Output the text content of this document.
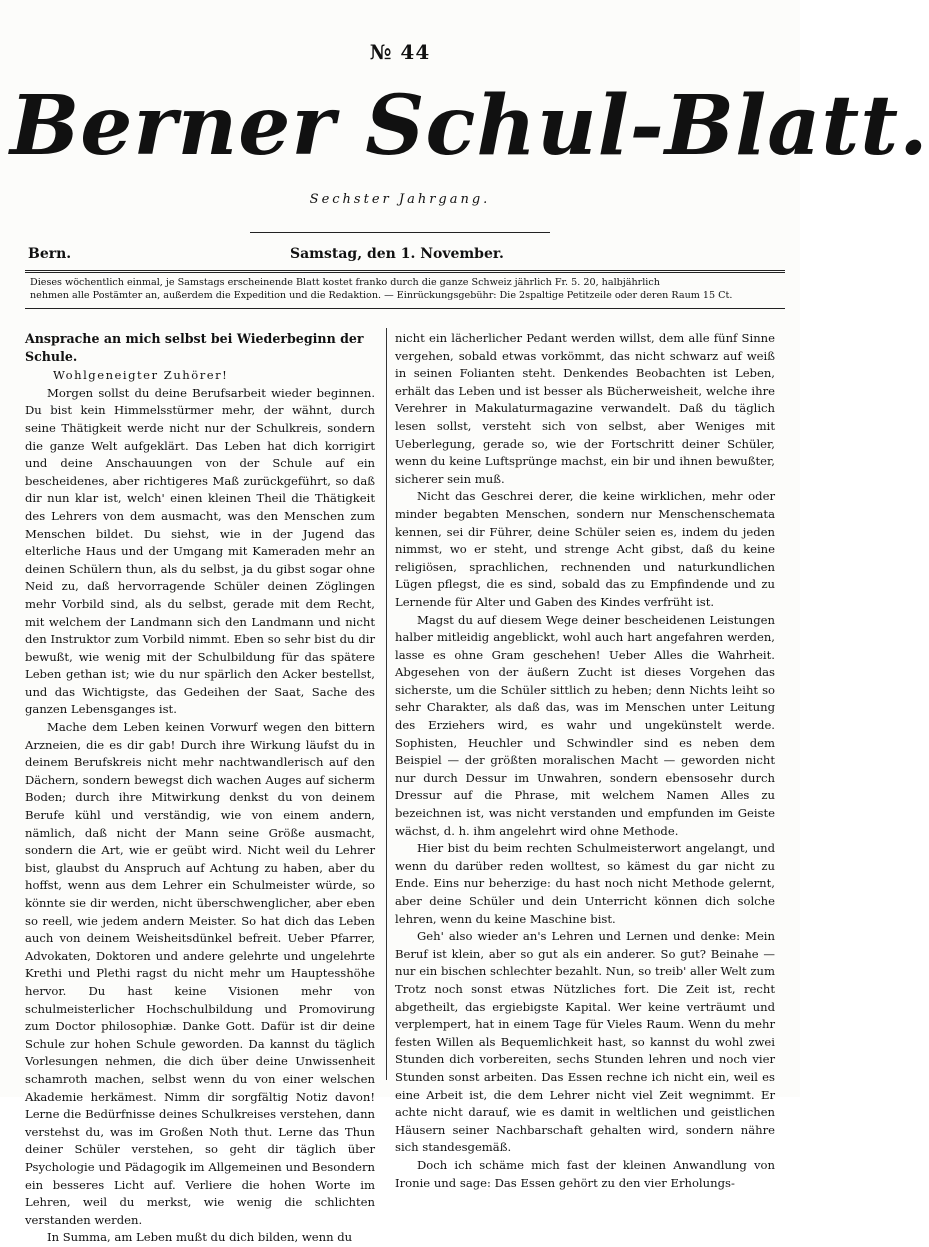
№ 44
Berner Schul-Blatt.
Sechster Jahrgang.
Bern.	Samstag, den 1. November.
Dieses wöchentlich einmal, je Samstags erscheinende Blatt kostet franko durch die ganze Schweiz jährlich Fr. 5. 20, halbjährlich
nehmen alle Postämter an, außerdem die Expedition und die Redaktion. — Einrückungsgebühr: Die 2spaltige Petitzeile oder deren Raum 15 Ct.

Ansprache an mich selbst bei Wiederbeginn der Schule.

Wohlgeneigter Zuhörer!

Morgen sollst du deine Berufsarbeit wieder beginnen. Du bist kein Himmelsstürmer mehr, der wähnt, durch seine Thätigkeit werde nicht nur der Schulkreis, sondern die ganze Welt aufgeklärt. Das Leben hat dich korrigirt und deine Anschauungen von der Schule auf ein bescheidenes, aber richtigeres Maß zurückgeführt, so daß dir nun klar ist, welch' einen kleinen Theil die Thätigkeit des Lehrers von dem ausmacht, was den Menschen zum Menschen bildet. Du siehst, wie in der Jugend das elterliche Haus und der Umgang mit Kameraden mehr an deinen Schülern thun, als du selbst, ja du gibst sogar ohne Neid zu, daß hervorragende Schüler deinen Zöglingen mehr Vorbild sind, als du selbst, gerade mit dem Recht, mit welchem der Landmann sich den Landmann und nicht den Instruktor zum Vorbild nimmt. Eben so sehr bist du dir bewußt, wie wenig mit der Schulbildung für das spätere Leben gethan ist; wie du nur spärlich den Acker bestellst, und das Wichtigste, das Gedeihen der Saat, Sache des ganzen Lebensganges ist.

Mache dem Leben keinen Vorwurf wegen den bittern Arzneien, die es dir gab! Durch ihre Wirkung läufst du in deinem Berufskreis nicht mehr nachtwandlerisch auf den Dächern, sondern bewegst dich wachen Auges auf sicherm Boden; durch ihre Mitwirkung denkst du von deinem Berufe kühl und verständig, wie von einem andern, nämlich, daß nicht der Mann seine Größe ausmacht, sondern die Art, wie er geübt wird. Nicht weil du Lehrer bist, glaubst du Anspruch auf Achtung zu haben, aber du hoffst, wenn aus dem Lehrer ein Schulmeister würde, so könnte sie dir werden, nicht überschwenglicher, aber eben so reell, wie jedem andern Meister. So hat dich das Leben auch von deinem Weisheitsdünkel befreit. Ueber Pfarrer, Advokaten, Doktoren und andere gelehrte und ungelehrte Krethi und Plethi ragst du nicht mehr um Hauptesshöhe hervor. Du hast keine Visionen mehr von schulmeisterlicher Hochschulbildung und Promovirung zum Doctor philosophiæ. Danke Gott. Dafür ist dir deine Schule zur hohen Schule geworden. Da kannst du täglich Vorlesungen nehmen, die dich über deine Unwissenheit schamroth machen, selbst wenn du von einer welschen Akademie herkämest. Nimm dir sorgfältig Notiz davon! Lerne die Bedürfnisse deines Schulkreises verstehen, dann verstehst du, was im Großen Noth thut. Lerne das Thun deiner Schüler verstehen, so geht dir täglich über Psychologie und Pädagogik im Allgemeinen und Besondern ein besseres Licht auf. Verliere die hohen Worte im Lehren, weil du merkst, wie wenig die schlichten verstanden werden.

In Summa, am Leben mußt du dich bilden, wenn du

nicht ein lächerlicher Pedant werden willst, dem alle fünf Sinne vergehen, sobald etwas vorkömmt, das nicht schwarz auf weiß in seinen Folianten steht. Denkendes Beobachten ist Leben, erhält das Leben und ist besser als Bücherweisheit, welche ihre Verehrer in Makulaturmagazine verwandelt. Daß du täglich lesen sollst, versteht sich von selbst, aber Weniges mit Ueberlegung, gerade so, wie der Fortschritt deiner Schüler, wenn du keine Luftsprünge machst, ein bir und ihnen bewußter, sicherer sein muß.

Nicht das Geschrei derer, die keine wirklichen, mehr oder minder begabten Menschen, sondern nur Menschenschemata kennen, sei dir Führer, deine Schüler seien es, indem du jeden nimmst, wo er steht, und strenge Acht gibst, daß du keine religiösen, sprachlichen, rechnenden und naturkundlichen Lügen pflegst, die es sind, sobald das zu Empfindende und zu Lernende für Alter und Gaben des Kindes verfrüht ist.

Magst du auf diesem Wege deiner bescheidenen Leistungen halber mitleidig angeblickt, wohl auch hart angefahren werden, lasse es ohne Gram geschehen! Ueber Alles die Wahrheit. Abgesehen von der äußern Zucht ist dieses Vorgehen das sicherste, um die Schüler sittlich zu heben; denn Nichts leiht so sehr Charakter, als daß das, was im Menschen unter Leitung des Erziehers wird, es wahr und ungekünstelt werde. Sophisten, Heuchler und Schwindler sind es neben dem Beispiel — der größten moralischen Macht — geworden nicht nur durch Dessur im Unwahren, sondern ebensosehr durch Dressur auf die Phrase, mit welchem Namen Alles zu bezeichnen ist, was nicht verstanden und empfunden im Geiste wächst, d. h. ihm angelehrt wird ohne Methode.

Hier bist du beim rechten Schulmeisterwort angelangt, und wenn du darüber reden wolltest, so kämest du gar nicht zu Ende. Eins nur beherzige: du hast noch nicht Methode gelernt, aber deine Schüler und dein Unterricht können dich solche lehren, wenn du keine Maschine bist.

Geh' also wieder an's Lehren und Lernen und denke: Mein Beruf ist klein, aber so gut als ein anderer. So gut? Beinahe — nur ein bischen schlechter bezahlt. Nun, so treib' aller Welt zum Trotz noch sonst etwas Nützliches fort. Die Zeit ist, recht abgetheilt, das ergiebigste Kapital. Wer keine verträumt und verplempert, hat in einem Tage für Vieles Raum. Wenn du mehr festen Willen als Bequemlichkeit hast, so kannst du wohl zwei Stunden dich vorbereiten, sechs Stunden lehren und noch vier Stunden sonst arbeiten. Das Essen rechne ich nicht ein, weil es eine Arbeit ist, die dem Lehrer nicht viel Zeit wegnimmt. Er achte nicht darauf, wie es damit in weltlichen und geistlichen Häusern seiner Nachbarschaft gehalten wird, sondern nähre sich standesgemäß.

Doch ich schäme mich fast der kleinen Anwandlung von Ironie und sage: Das Essen gehört zu den vier Erholungs-
